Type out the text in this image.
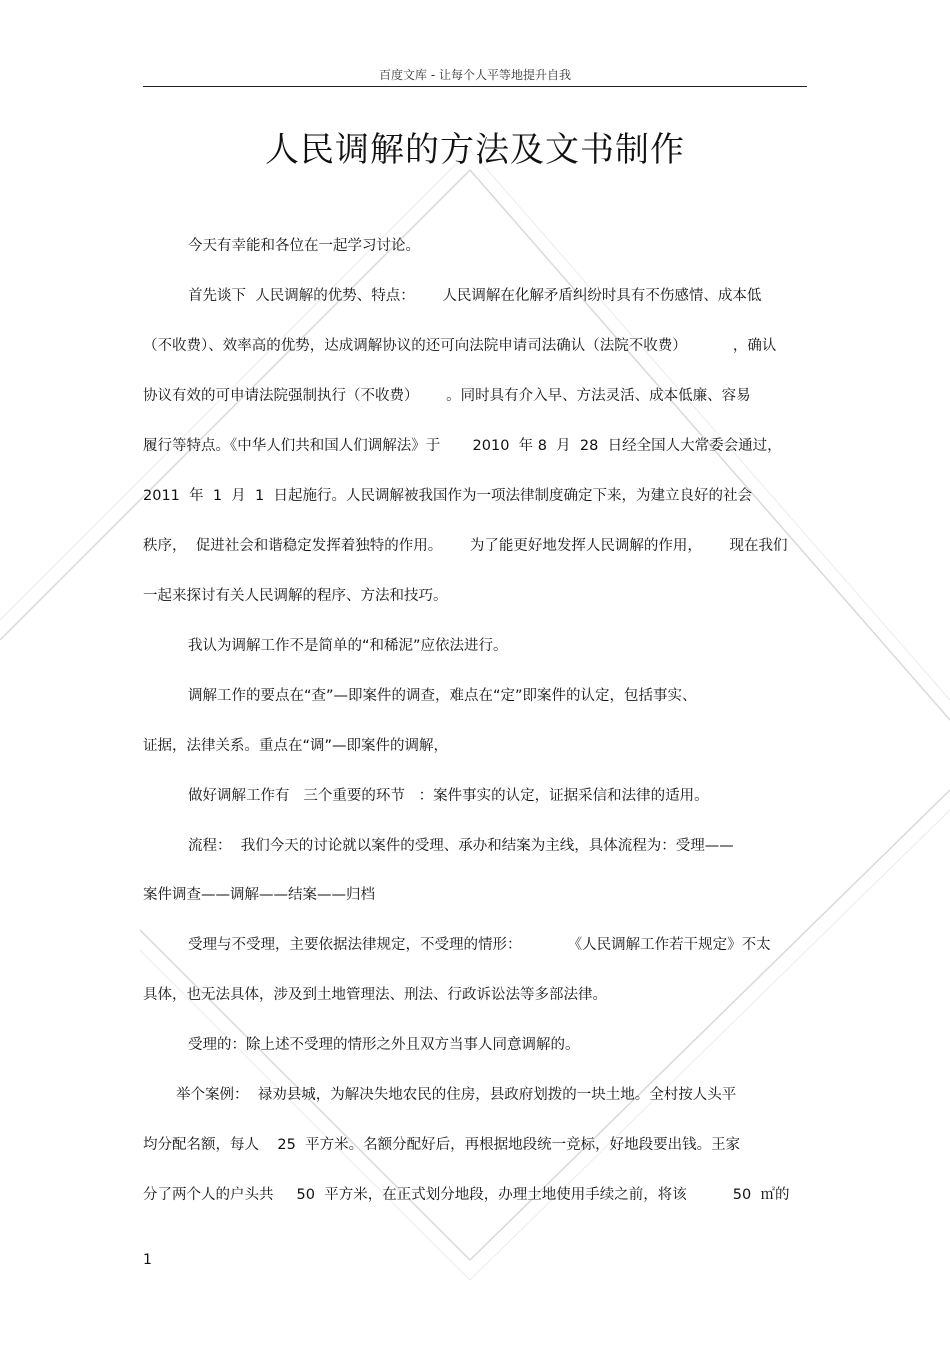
百度文库 - 让每个人平等地提升自我
人民调解的方法及文书制作
今天有幸能和各位在一起学习讨论。
首先谈下  人民调解的优势、特点：      人民调解在化解矛盾纠纷时具有不伤感情、成本低
（不收费）、效率高的优势，达成调解协议的还可向法院申请司法确认（法院不收费）          ，确认
协议有效的可申请法院强制执行（不收费）      。同时具有介入早、方法灵活、成本低廉、容易
履行等特点。《中华人们共和国人们调解法》于       2010  年 8  月  28  日经全国人大常委会通过，
2011  年  1  月  1  日起施行。人民调解被我国作为一项法律制度确定下来，为建立良好的社会
秩序，  促进社会和谐稳定发挥着独特的作用。      为了能更好地发挥人民调解的作用，      现在我们
一起来探讨有关人民调解的程序、方法和技巧。
我认为调解工作不是简单的“和稀泥”应依法进行。
调解工作的要点在“查”—即案件的调查，难点在“定”即案件的认定，包括事实、
证据，法律关系。重点在“调”—即案件的调解，
做好调解工作有   三个重要的环节   ：案件事实的认定，证据采信和法律的适用。
流程：  我们今天的讨论就以案件的受理、承办和结案为主线，具体流程为：受理——
案件调查——调解——结案——归档
受理与不受理，主要依据法律规定，不受理的情形：          《人民调解工作若干规定》不太
具体，也无法具体，涉及到土地管理法、刑法、行政诉讼法等多部法律。
受理的：除上述不受理的情形之外且双方当事人同意调解的。
举个案例：  禄劝县城，为解决失地农民的住房，县政府划拨的一块土地。全村按人头平
均分配名额，每人    25  平方米。名额分配好后，再根据地段统一竞标，好地段要出钱。王家
分了两个人的户头共     50  平方米，在正式划分地段，办理土地使用手续之前，将该          50  ㎡的
1
